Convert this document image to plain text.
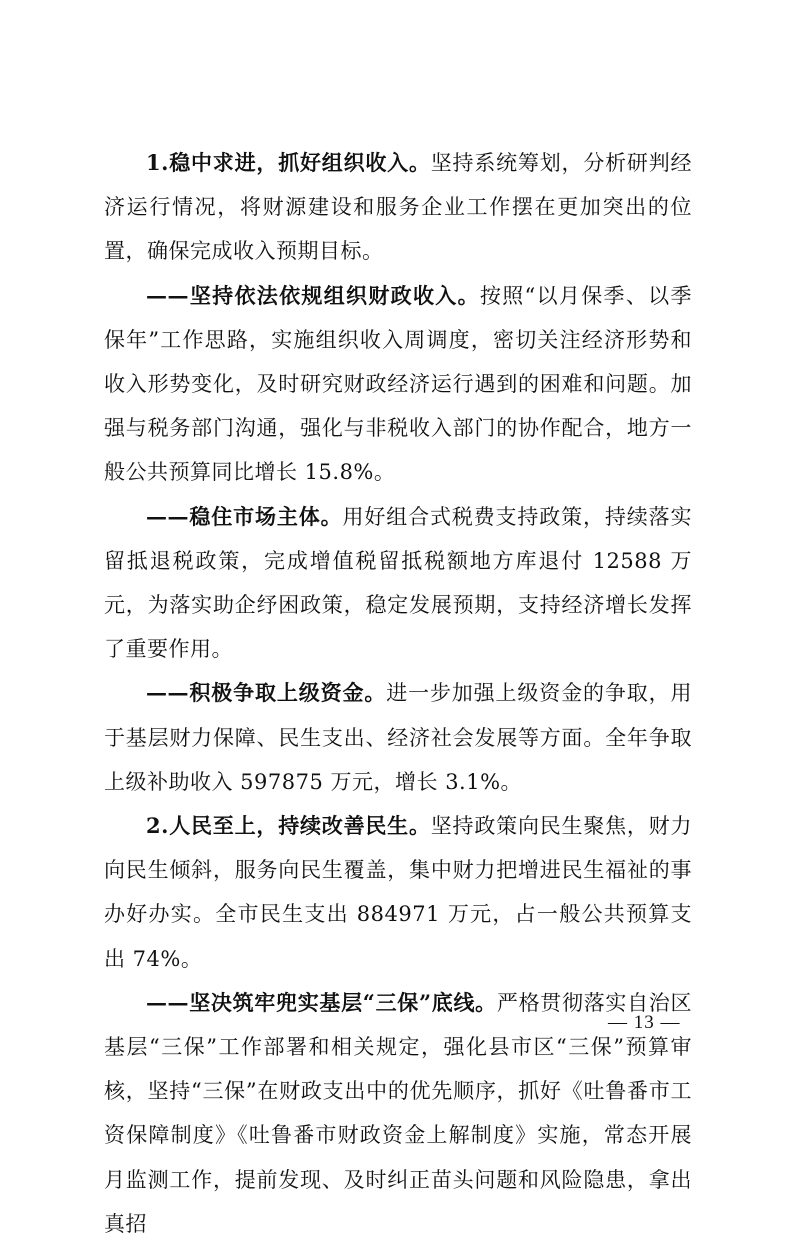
1.稳中求进，抓好组织收入。坚持系统筹划，分析研判经济运行情况，将财源建设和服务企业工作摆在更加突出的位置，确保完成收入预期目标。

——坚持依法依规组织财政收入。按照“以月保季、以季保年”工作思路，实施组织收入周调度，密切关注经济形势和收入形势变化，及时研究财政经济运行遇到的困难和问题。加强与税务部门沟通，强化与非税收入部门的协作配合，地方一般公共预算同比增长 15.8%。

——稳住市场主体。用好组合式税费支持政策，持续落实留抵退税政策，完成增值税留抵税额地方库退付 12588 万元，为落实助企纾困政策，稳定发展预期，支持经济增长发挥了重要作用。

——积极争取上级资金。进一步加强上级资金的争取，用于基层财力保障、民生支出、经济社会发展等方面。全年争取上级补助收入 597875 万元，增长 3.1%。

2.人民至上，持续改善民生。坚持政策向民生聚焦，财力向民生倾斜，服务向民生覆盖，集中财力把增进民生福祉的事办好办实。全市民生支出 884971 万元，占一般公共预算支出 74%。

——坚决筑牢兜实基层“三保”底线。严格贯彻落实自治区基层“三保”工作部署和相关规定，强化县市区“三保”预算审核，坚持“三保”在财政支出中的优先顺序，抓好《吐鲁番市工资保障制度》《吐鲁番市财政资金上解制度》实施，常态开展月监测工作，提前发现、及时纠正苗头问题和风险隐患，拿出真招

— 13 —
